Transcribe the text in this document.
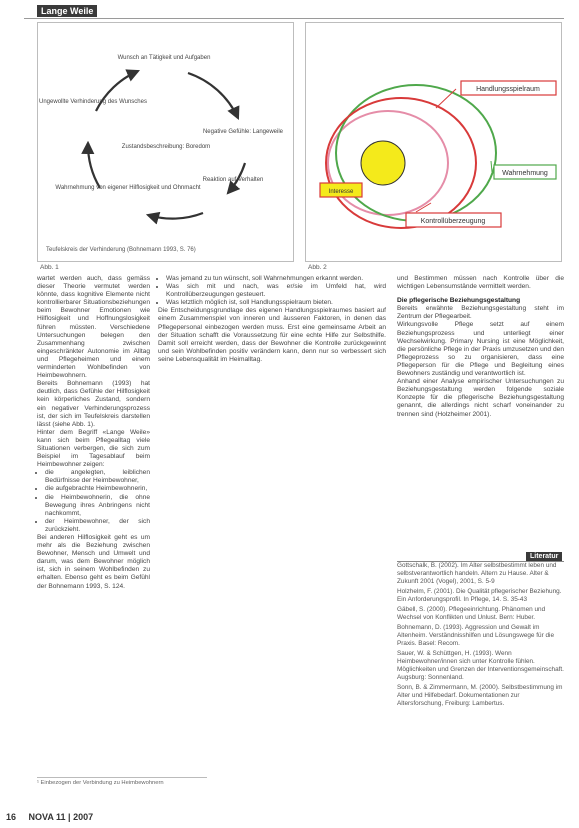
Lange Weile
Wunsch an Tätigkeit und Aufgaben
Ungewollte Verhinderung des Wunsches
Negative Gefühle: Langeweile
Reaktion auf Verhalten
Wahrnehmung von eigener Hilflosigkeit und Ohnmacht
Zustandsbeschreibung: Boredom
Teufelskreis der Verhinderung (Bohnemann 1993, S. 76)
Abb. 1
Handlungsspielraum
Wahrnehmung
Kontrollüberzeugung
Interesse
Abb. 2

wartet werden auch, dass gemäss dieser Theorie vermutet werden könnte, dass kognitive Elemente nicht kontrollierbarer Situationsbeziehungen beim Bewohner Emotionen wie Hilflosigkeit und Hoffnungslosigkeit führen müssten. Verschiedene Untersuchungen belegen den Zusammenhang zwischen eingeschränkter Autonomie im Alltag und Pflegeheimen und einem verminderten Wohlbefinden von Heimbewohnern.

Bereits Bohnemann (1993) hat deutlich, dass Gefühle der Hilflosigkeit kein körperliches Zustand, sondern ein negativer Verhinderungsprozess ist, der sich im Teufelskreis darstellen lässt (siehe Abb. 1).

Hinter dem Begriff «Lange Weile» kann sich beim Pflegealltag viele Situationen verbergen, die sich zum Beispiel im Tagesablauf beim Heimbewohner zeigen:

• die angelegten, leiblichen Bedürfnisse der Heimbewohner,
• die aufgebrachte Heimbewohnerin,
• die Heimbewohnerin, die ohne Bewegung ihres Anbringens nicht nachkommt,
• der Heimbewohner, der sich zurückzieht.

Bei anderen Hilflosigkeit geht es um mehr als die Beziehung zwischen Bewohner, Mensch und Umwelt und darum, was dem Bewohner möglich ist, sich in seinem Wohlbefinden zu erhalten. Ebenso geht es beim Gefühl der Bohnemann 1993, S. 124.

• Was jemand zu tun wünscht, soll Wahrnehmungen erkannt werden.
• Was sich mit und nach, was er/sie im Umfeld hat, wird Kontrollüberzeugungen gesteuert.
• Was letztlich möglich ist, soll Handlungsspielraum bieten.

Die Entscheidungsgrundlage des eigenen Handlungsspielraumes basiert auf einem Zusammenspiel von inneren und äusseren Faktoren, in denen das Pflegepersonal einbezogen werden muss. Erst eine gemeinsame Arbeit an der Situation schafft die Voraussetzung für eine echte Hilfe zur Selbsthilfe. Damit soll erreicht werden, dass der Bewohner die Kontrolle zurückgewinnt und sein Wohlbefinden positiv verändern kann, denn nur so verbessert sich seine Lebensqualität im Heimalltag.

und Bestimmen müssen nach Kontrolle über die wichtigen Lebensumstände vermittelt werden.

Die pflegerische Beziehungsgestaltung

Bereits erwähnte Beziehungsgestaltung steht im Zentrum der Pflegearbeit.

Wirkungsvolle Pflege setzt auf einem Beziehungsprozess und unterliegt einer Wechselwirkung. Primary Nursing ist eine Möglichkeit, die persönliche Pflege in der Praxis umzusetzen und den Pflegeprozess so zu organisieren, dass eine Pflegeperson für die Pflege und Begleitung eines Bewohners zuständig und verantwortlich ist.

Anhand einer Analyse empirischer Untersuchungen zu Beziehungsgestaltung werden folgende soziale Konzepte für die pflegerische Beziehungsgestaltung genannt, die allerdings nicht scharf voneinander zu trennen sind (Holzheimer 2001).

Literatur

Gottschalk, B. (2002). Im Alter selbstbestimmt leben und selbstverantwortlich handeln. Altern zu Hause. Alter & Zukunft 2001 (Vogel), 2001, S. 5-9

Holzhelm, F. (2001). Die Qualität pflegerischer Beziehung. Ein Anforderungsprofil. In Pflege, 14. S. 35-43

Gäbell, S. (2000). Pflegeeinrichtung. Phänomen und Wechsel von Konflikten und Unlust. Bern: Huber.

Bohnemann, D. (1993). Aggression und Gewalt im Altenheim. Verständnisshilfen und Lösungswege für die Praxis. Basel: Recom.

Sauer, W. & Schüttgen, H. (1993). Wenn Heimbewohner/innen sich unter Kontrolle fühlen. Möglichkeiten und Grenzen der Interventionsgemeinschaft. Augsburg: Sonnenland.

Sonn, B. & Zimmermann, M. (2000). Selbstbestimmung im Alter und Hilfebedarf. Dokumentationen zur Altersforschung, Freiburg: Lambertus.

¹ Einbezogen der Verbindung zu Heimbewohnern
16 NOVA 11 | 2007
